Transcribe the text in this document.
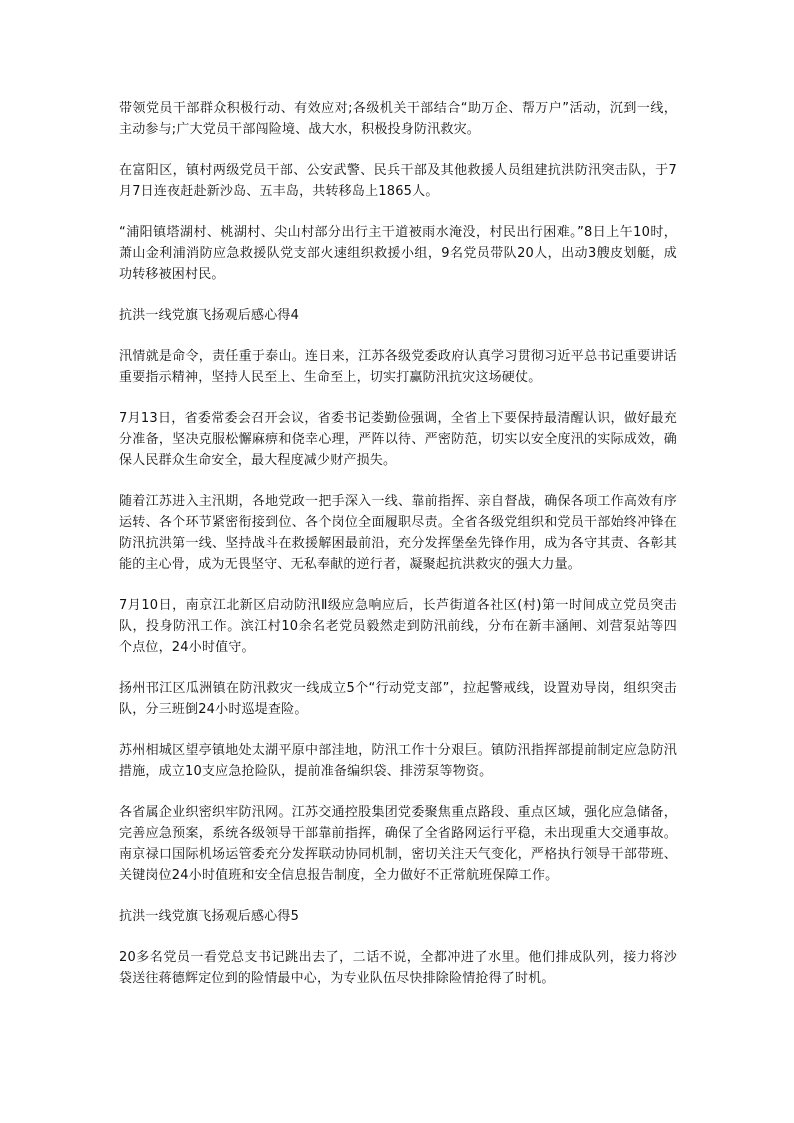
带领党员干部群众积极行动、有效应对;各级机关干部结合“助万企、帮万户”活动，沉到一线，主动参与;广大党员干部闯险境、战大水，积极投身防汛救灾。

在富阳区，镇村两级党员干部、公安武警、民兵干部及其他救援人员组建抗洪防汛突击队，于7月7日连夜赶赴新沙岛、五丰岛，共转移岛上1865人。

“浦阳镇塔湖村、桃湖村、尖山村部分出行主干道被雨水淹没，村民出行困难。”8日上午10时，萧山金利浦消防应急救援队党支部火速组织救援小组，9名党员带队20人，出动3艘皮划艇，成功转移被困村民。

抗洪一线党旗飞扬观后感心得4

汛情就是命令，责任重于泰山。连日来，江苏各级党委政府认真学习贯彻习近平总书记重要讲话重要指示精神，坚持人民至上、生命至上，切实打赢防汛抗灾这场硬仗。

7月13日，省委常委会召开会议，省委书记娄勤俭强调，全省上下要保持最清醒认识，做好最充分准备，坚决克服松懈麻痹和侥幸心理，严阵以待、严密防范，切实以安全度汛的实际成效，确保人民群众生命安全，最大程度减少财产损失。

随着江苏进入主汛期，各地党政一把手深入一线、靠前指挥、亲自督战，确保各项工作高效有序运转、各个环节紧密衔接到位、各个岗位全面履职尽责。全省各级党组织和党员干部始终冲锋在防汛抗洪第一线、坚持战斗在救援解困最前沿，充分发挥堡垒先锋作用，成为各守其责、各彰其能的主心骨，成为无畏坚守、无私奉献的逆行者，凝聚起抗洪救灾的强大力量。

7月10日，南京江北新区启动防汛Ⅱ级应急响应后，长芦街道各社区(村)第一时间成立党员突击队，投身防汛工作。滨江村10余名老党员毅然走到防汛前线，分布在新丰涵闸、刘营泵站等四个点位，24小时值守。

扬州邗江区瓜洲镇在防汛救灾一线成立5个“行动党支部”，拉起警戒线，设置劝导岗，组织突击队，分三班倒24小时巡堤查险。

苏州相城区望亭镇地处太湖平原中部洼地，防汛工作十分艰巨。镇防汛指挥部提前制定应急防汛措施，成立10支应急抢险队，提前准备编织袋、排涝泵等物资。

各省属企业织密织牢防汛网。江苏交通控股集团党委聚焦重点路段、重点区域，强化应急储备，完善应急预案，系统各级领导干部靠前指挥，确保了全省路网运行平稳，未出现重大交通事故。南京禄口国际机场运管委充分发挥联动协同机制，密切关注天气变化，严格执行领导干部带班、关键岗位24小时值班和安全信息报告制度，全力做好不正常航班保障工作。

抗洪一线党旗飞扬观后感心得5

20多名党员一看党总支书记跳出去了，二话不说，全都冲进了水里。他们排成队列，接力将沙袋送往蒋德辉定位到的险情最中心，为专业队伍尽快排除险情抢得了时机。
